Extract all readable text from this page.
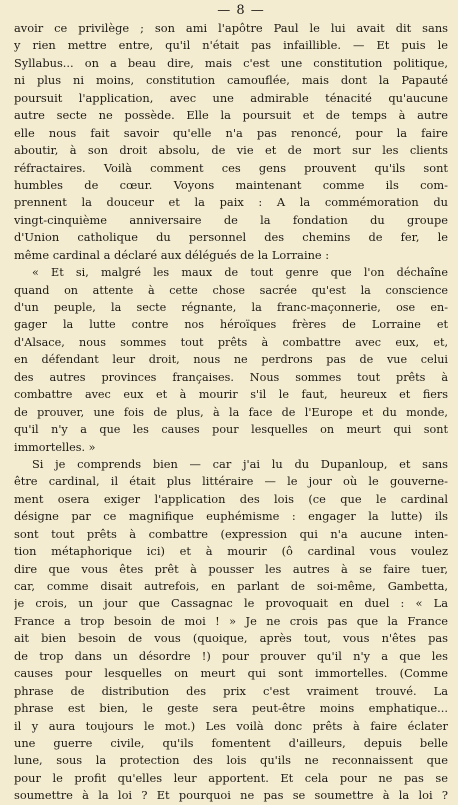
— 8 —
avoir ce privilège ; son ami l'apôtre Paul le lui avait dit sans
y rien mettre entre, qu'il n'était pas infaillible. — Et puis le
Syllabus... on a beau dire, mais c'est une constitution politique,
ni plus ni moins, constitution camouflée, mais dont la Papauté
poursuit l'application, avec une admirable ténacité qu'aucune
autre secte ne possède. Elle la poursuit et de temps à autre
elle nous fait savoir qu'elle n'a pas renoncé, pour la faire
aboutir, à son droit absolu, de vie et de mort sur les clients
réfractaires. Voilà comment ces gens prouvent qu'ils sont
humbles de cœur. Voyons maintenant comme ils com-
prennent la douceur et la paix : A la commémoration du
vingt-cinquième anniversaire de la fondation du groupe
d'Union catholique du personnel des chemins de fer, le
même cardinal a déclaré aux délégués de la Lorraine :
« Et si, malgré les maux de tout genre que l'on déchaîne
quand on attente à cette chose sacrée qu'est la conscience
d'un peuple, la secte régnante, la franc-maçonnerie, ose en-
gager la lutte contre nos héroïques frères de Lorraine et
d'Alsace, nous sommes tout prêts à combattre avec eux, et,
en défendant leur droit, nous ne perdrons pas de vue celui
des autres provinces françaises. Nous sommes tout prêts à
combattre avec eux et à mourir s'il le faut, heureux et fiers
de prouver, une fois de plus, à la face de l'Europe et du monde,
qu'il n'y a que les causes pour lesquelles on meurt qui sont
immortelles. »
Si je comprends bien — car j'ai lu du Dupanloup, et sans
être cardinal, il était plus littéraire — le jour où le gouverne-
ment osera exiger l'application des lois (ce que le cardinal
désigne par ce magnifique euphémisme : engager la lutte) ils
sont tout prêts à combattre (expression qui n'a aucune inten-
tion métaphorique ici) et à mourir (ô cardinal vous voulez
dire que vous êtes prêt à pousser les autres à se faire tuer,
car, comme disait autrefois, en parlant de soi-même, Gambetta,
je crois, un jour que Cassagnac le provoquait en duel : « La
France a trop besoin de moi ! » Je ne crois pas que la France
ait bien besoin de vous (quoique, après tout, vous n'êtes pas
de trop dans un désordre !) pour prouver qu'il n'y a que les
causes pour lesquelles on meurt qui sont immortelles. (Comme
phrase de distribution des prix c'est vraiment trouvé. La
phrase est bien, le geste sera peut-être moins emphatique...
il y aura toujours le mot.) Les voilà donc prêts à faire éclater
une guerre civile, qu'ils fomentent d'ailleurs, depuis belle
lune, sous la protection des lois qu'ils ne reconnaissent que
pour le profit qu'elles leur apportent. Et cela pour ne pas se
soumettre à la loi ? Et pourquoi ne pas se soumettre à la loi ?
